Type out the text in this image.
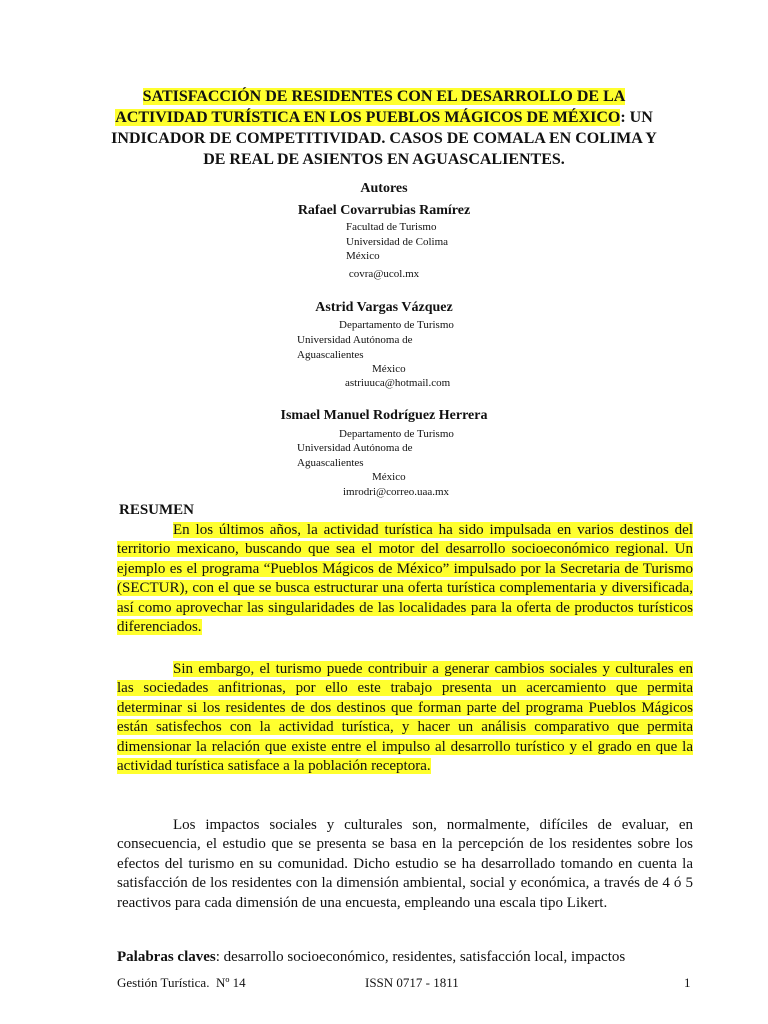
SATISFACCIÓN DE RESIDENTES CON EL DESARROLLO DE LA ACTIVIDAD TURÍSTICA EN LOS PUEBLOS MÁGICOS DE MÉXICO: UN INDICADOR DE COMPETITIVIDAD. CASOS DE COMALA EN COLIMA Y DE REAL DE ASIENTOS EN AGUASCALIENTES.
Autores
Rafael Covarrubias Ramírez
Facultad de Turismo
Universidad de Colima
México
covra@ucol.mx
Astrid Vargas Vázquez
Departamento de Turismo
Universidad Autónoma de
Aguascalientes
México
astriuuca@hotmail.com
Ismael Manuel Rodríguez Herrera
Departamento de Turismo
Universidad Autónoma de
Aguascalientes
México
imrodri@correo.uaa.mx
RESUMEN

En los últimos años, la actividad turística ha sido impulsada en varios destinos del territorio mexicano, buscando que sea el motor del desarrollo socioeconómico regional. Un ejemplo es el programa “Pueblos Mágicos de México” impulsado por la Secretaria de Turismo (SECTUR), con el que se busca estructurar una oferta turística complementaria y diversificada, así como aprovechar las singularidades de las localidades para la oferta de productos turísticos diferenciados.

Sin embargo, el turismo puede contribuir a generar cambios sociales y culturales en las sociedades anfitrionas, por ello este trabajo presenta un acercamiento que permita determinar si los residentes de dos destinos que forman parte del programa Pueblos Mágicos están satisfechos con la actividad turística, y hacer un análisis comparativo que permita dimensionar la relación que existe entre el impulso al desarrollo turístico y el grado en que la actividad turística satisface a la población receptora.

Los impactos sociales y culturales son, normalmente, difíciles de evaluar, en consecuencia, el estudio que se presenta se basa en la percepción de los residentes sobre los efectos del turismo en su comunidad. Dicho estudio se ha desarrollado tomando en cuenta la satisfacción de los residentes con la dimensión ambiental, social y económica, a través de 4 ó 5 reactivos para cada dimensión de una encuesta, empleando una escala tipo Likert.

Palabras claves: desarrollo socioeconómico, residentes, satisfacción local, impactos

Gestión Turística.  Nº 14	ISSN 0717 - 1811	1
